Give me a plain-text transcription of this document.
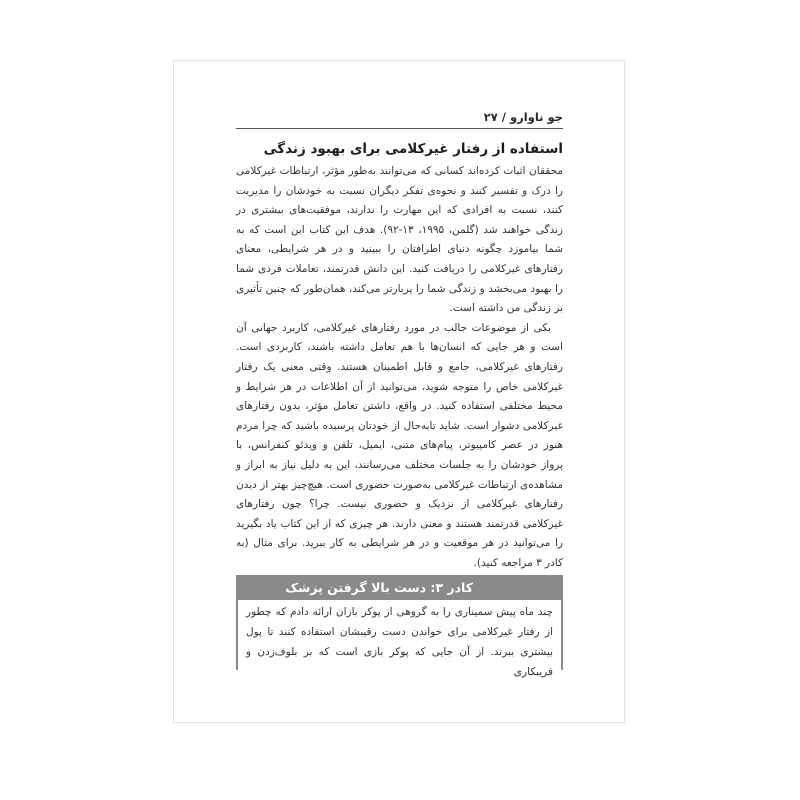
جو ناوارو / ۲۷
استفاده از رفتار غیرکلامی برای بهبود زندگی

محققان اثبات کرده‌اند کسانی که می‌توانند به‌طور مؤثر، ارتباطات غیرکلامی را درک و تفسیر کنند و نحوه‌ی تفکر دیگران نسبت به خودشان را مدیریت کنند، نسبت به افرادی که این مهارت را ندارند، موفقیت‌های بیشتری در زندگی خواهند شد (گلمن، ۱۹۹۵، ۱۳-۹۲). هدف این کتاب این است که به شما بیاموزد چگونه دنیای اطرافتان را ببینید و در هر شرایطی، معنای رفتارهای غیرکلامی را دریافت کنید. این دانش قدرتمند، تعاملات فردی شما را بهبود می‌بخشد و زندگی شما را پربارتر می‌کند، همان‌طور که چنین تأثیری بر زندگی من داشته است.

یکی از موضوعات جالب در مورد رفتارهای غیرکلامی، کاربرد جهانی آن است و هر جایی که انسان‌ها با هم تعامل داشته باشند، کاربردی است. رفتارهای غیرکلامی، جامع و قابل اطمینان هستند. وقتی معنی یک رفتار غیرکلامی خاص را متوجه شوید، می‌توانید از آن اطلاعات در هر شرایط و محیط مختلفی استفاده کنید. در واقع، داشتن تعامل مؤثر، بدون رفتارهای غیرکلامی دشوار است. شاید تابه‌حال از خودتان پرسیده باشید که چرا مردم هنوز در عصر کامپیوتر، پیام‌های متنی، ایمیل، تلفن و ویدئو کنفرانس، با پرواز خودشان را به جلسات مختلف می‌رسانند، این به دلیل نیاز به ابراز و مشاهده‌ی ارتباطات غیرکلامی به‌صورت حضوری است. هیچ‌چیز بهتر از دیدن رفتارهای غیرکلامی از نزدیک و حضوری نیست. چرا؟ چون رفتارهای غیرکلامی قدرتمند هستند و معنی دارند. هر چیزی که از این کتاب یاد بگیرید را می‌توانید در هر موقعیت و در هر شرایطی به کار ببرید. برای مثال (به کادر ۳ مراجعه کنید).

کادر ۳: دست بالا گرفتن پزشک
چند ماه پیش سمیناری را به گروهی از پوکر بازان ارائه دادم که چطور از رفتار غیرکلامی برای خواندن دست رقیبشان استفاده کنند تا پول بیشتری ببرند. از آن جایی که پوکر بازی است که بر بلوف‌زدن و فریبکاری
